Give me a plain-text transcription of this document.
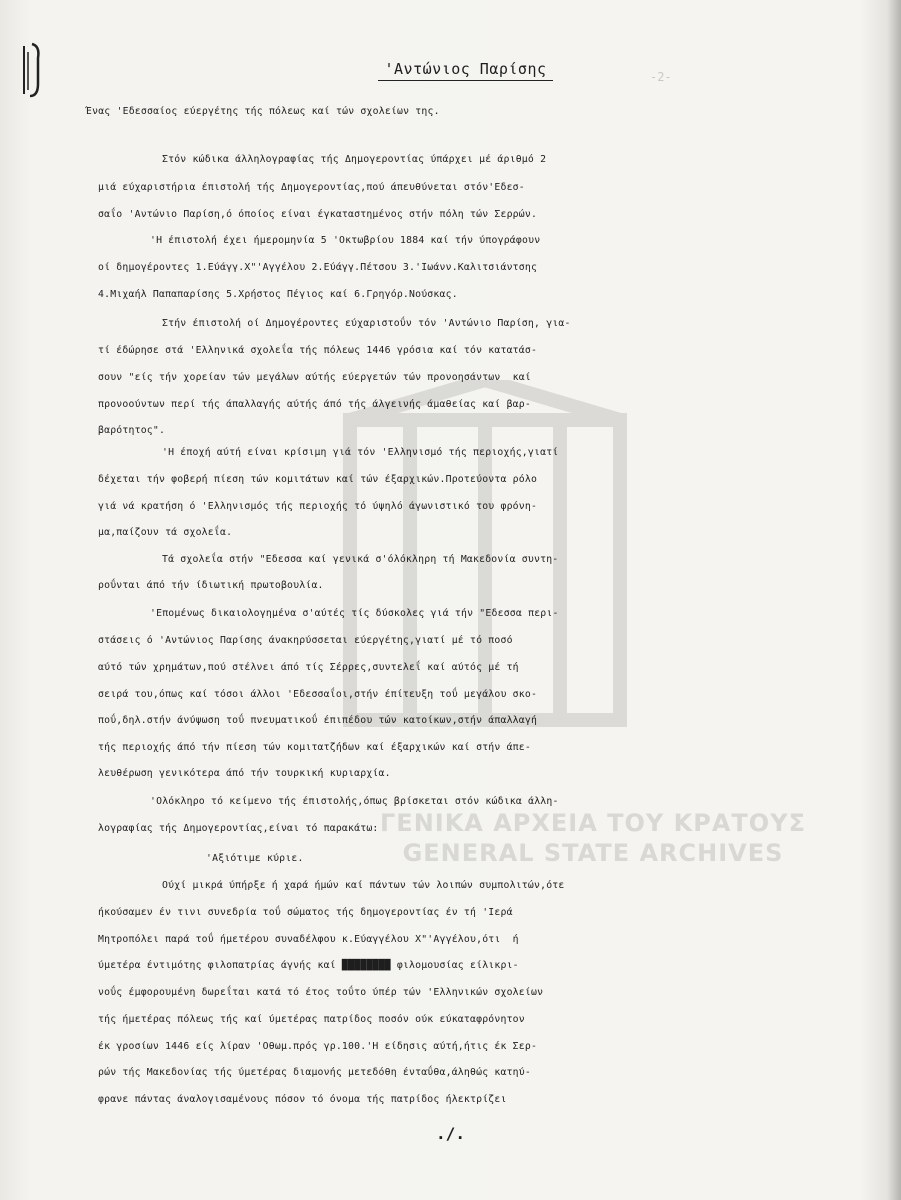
ΓΕΝΙΚΑ ΑΡΧΕΙΑ ΤΟΥ ΚΡΑΤΟΥΣ
GENERAL STATE ARCHIVES
-2-
'Αντώνιος Παρίσης
Ένας 'Εδεσσαίος εύεργέτης τής πόλεως καί τών σχολείων της.
Στόν κώδικα άλληλογραφίας τής Δημογεροντίας ύπάρχει μέ άριθμό 2
μιά εύχαριστήρια έπιστολή τής Δημογεροντίας,πού άπευθύνεται στόν'Εδεσ-
σαΐο 'Αντώνιο Παρίση,ό όποίος είναι έγκαταστημένος στήν πόλη τών Σερρών.
'Η έπιστολή έχει ήμερομηνία 5 'Οκτωβρίου 1884 καί τήν ύπογράφουν
οί δημογέροντες 1.Εύάγγ.Χ"'Αγγέλου 2.Εύάγγ.Πέτσου 3.'Ιωάνν.Καλιτσιάντσης
4.Μιχαήλ Παπαπαρίσης 5.Χρήστος Πέγιος καί 6.Γρηγόρ.Νούσκας.
Στήν έπιστολή οί Δημογέροντες εύχαριστοΰν τόν 'Αντώνιο Παρίση, για-
τί έδώρησε στά 'Ελληνικά σχολεΐα τής πόλεως 1446 γρόσια καί τόν κατατάσ-
σουν "είς τήν χορείαν τών μεγάλων αύτής εύεργετών τών προνοησάντων  καί
προνοούντων περί τής άπαλλαγής αύτής άπό τής άλγεινής άμαθείας καί βαρ-
βαρότητος".
'Η έποχή αύτή είναι κρίσιμη γιά τόν 'Ελληνισμό τής περιοχής,γιατί
δέχεται τήν φοβερή πίεση τών κομιτάτων καί τών έξαρχικών.Προτεύοντα ρόλο
γιά νά κρατήση ό 'Ελληνισμός τής περιοχής τό ύψηλό άγωνιστικό του φρόνη-
μα,παίζουν τά σχολεΐα.
Τά σχολεΐα στήν "Εδεσσα καί γενικά σ'όλόκληρη τή Μακεδονία συντη-
ροΰνται άπό τήν ίδιωτική πρωτοβουλία.
'Επομένως δικαιολογημένα σ'αύτές τίς δύσκολες γιά τήν "Εδεσσα περι-
στάσεις ό 'Αντώνιος Παρίσης άνακηρύσσεται εύεργέτης,γιατί μέ τό ποσό
αύτό τών χρημάτων,πού στέλνει άπό τίς Σέρρες,συντελεΐ καί αύτός μέ τή
σειρά του,όπως καί τόσοι άλλοι 'Εδεσσαΐοι,στήν έπίτευξη τοΰ μεγάλου σκο-
ποΰ,δηλ.στήν άνύψωση τοΰ πνευματικοΰ έπιπέδου τών κατοίκων,στήν άπαλλαγή
τής περιοχής άπό τήν πίεση τών κομιτατζήδων καί έξαρχικών καί στήν άπε-
λευθέρωση γενικότερα άπό τήν τουρκική κυριαρχία.
'Ολόκληρο τό κείμενο τής έπιστολής,όπως βρίσκεται στόν κώδικα άλλη-
λογραφίας τής Δημογεροντίας,είναι τό παρακάτω:
'Αξιότιμε κύριε.
Ούχί μικρά ύπήρξε ή χαρά ήμών καί πάντων τών λοιπών συμπολιτών,ότε
ήκούσαμεν έν τινι συνεδρία τοΰ σώματος τής δημογεροντίας έν τή 'Ιερά
Μητροπόλει παρά τοΰ ήμετέρου συναδέλφου κ.Εύαγγέλου Χ"'Αγγέλου,ότι  ή
ύμετέρα έντιμότης φιλοπατρίας άγνής καί ████████ φιλομουσίας είλικρι-
νοΰς έμφορουμένη δωρεΐται κατά τό έτος τοΰτο ύπέρ τών 'Ελληνικών σχολείων
τής ήμετέρας πόλεως τής καί ύμετέρας πατρίδος ποσόν ούκ εύκαταφρόνητον
έκ γροσίων 1446 είς λίραν 'Οθωμ.πρός γρ.100.'Η είδησις αύτή,ήτις έκ Σερ-
ρών τής Μακεδονίας τής ύμετέρας διαμονής μετεδόθη ένταΰθα,άληθώς κατηύ-
φρανε πάντας άναλογισαμένους πόσον τό όνομα τής πατρίδος ήλεκτρίζει
./.
